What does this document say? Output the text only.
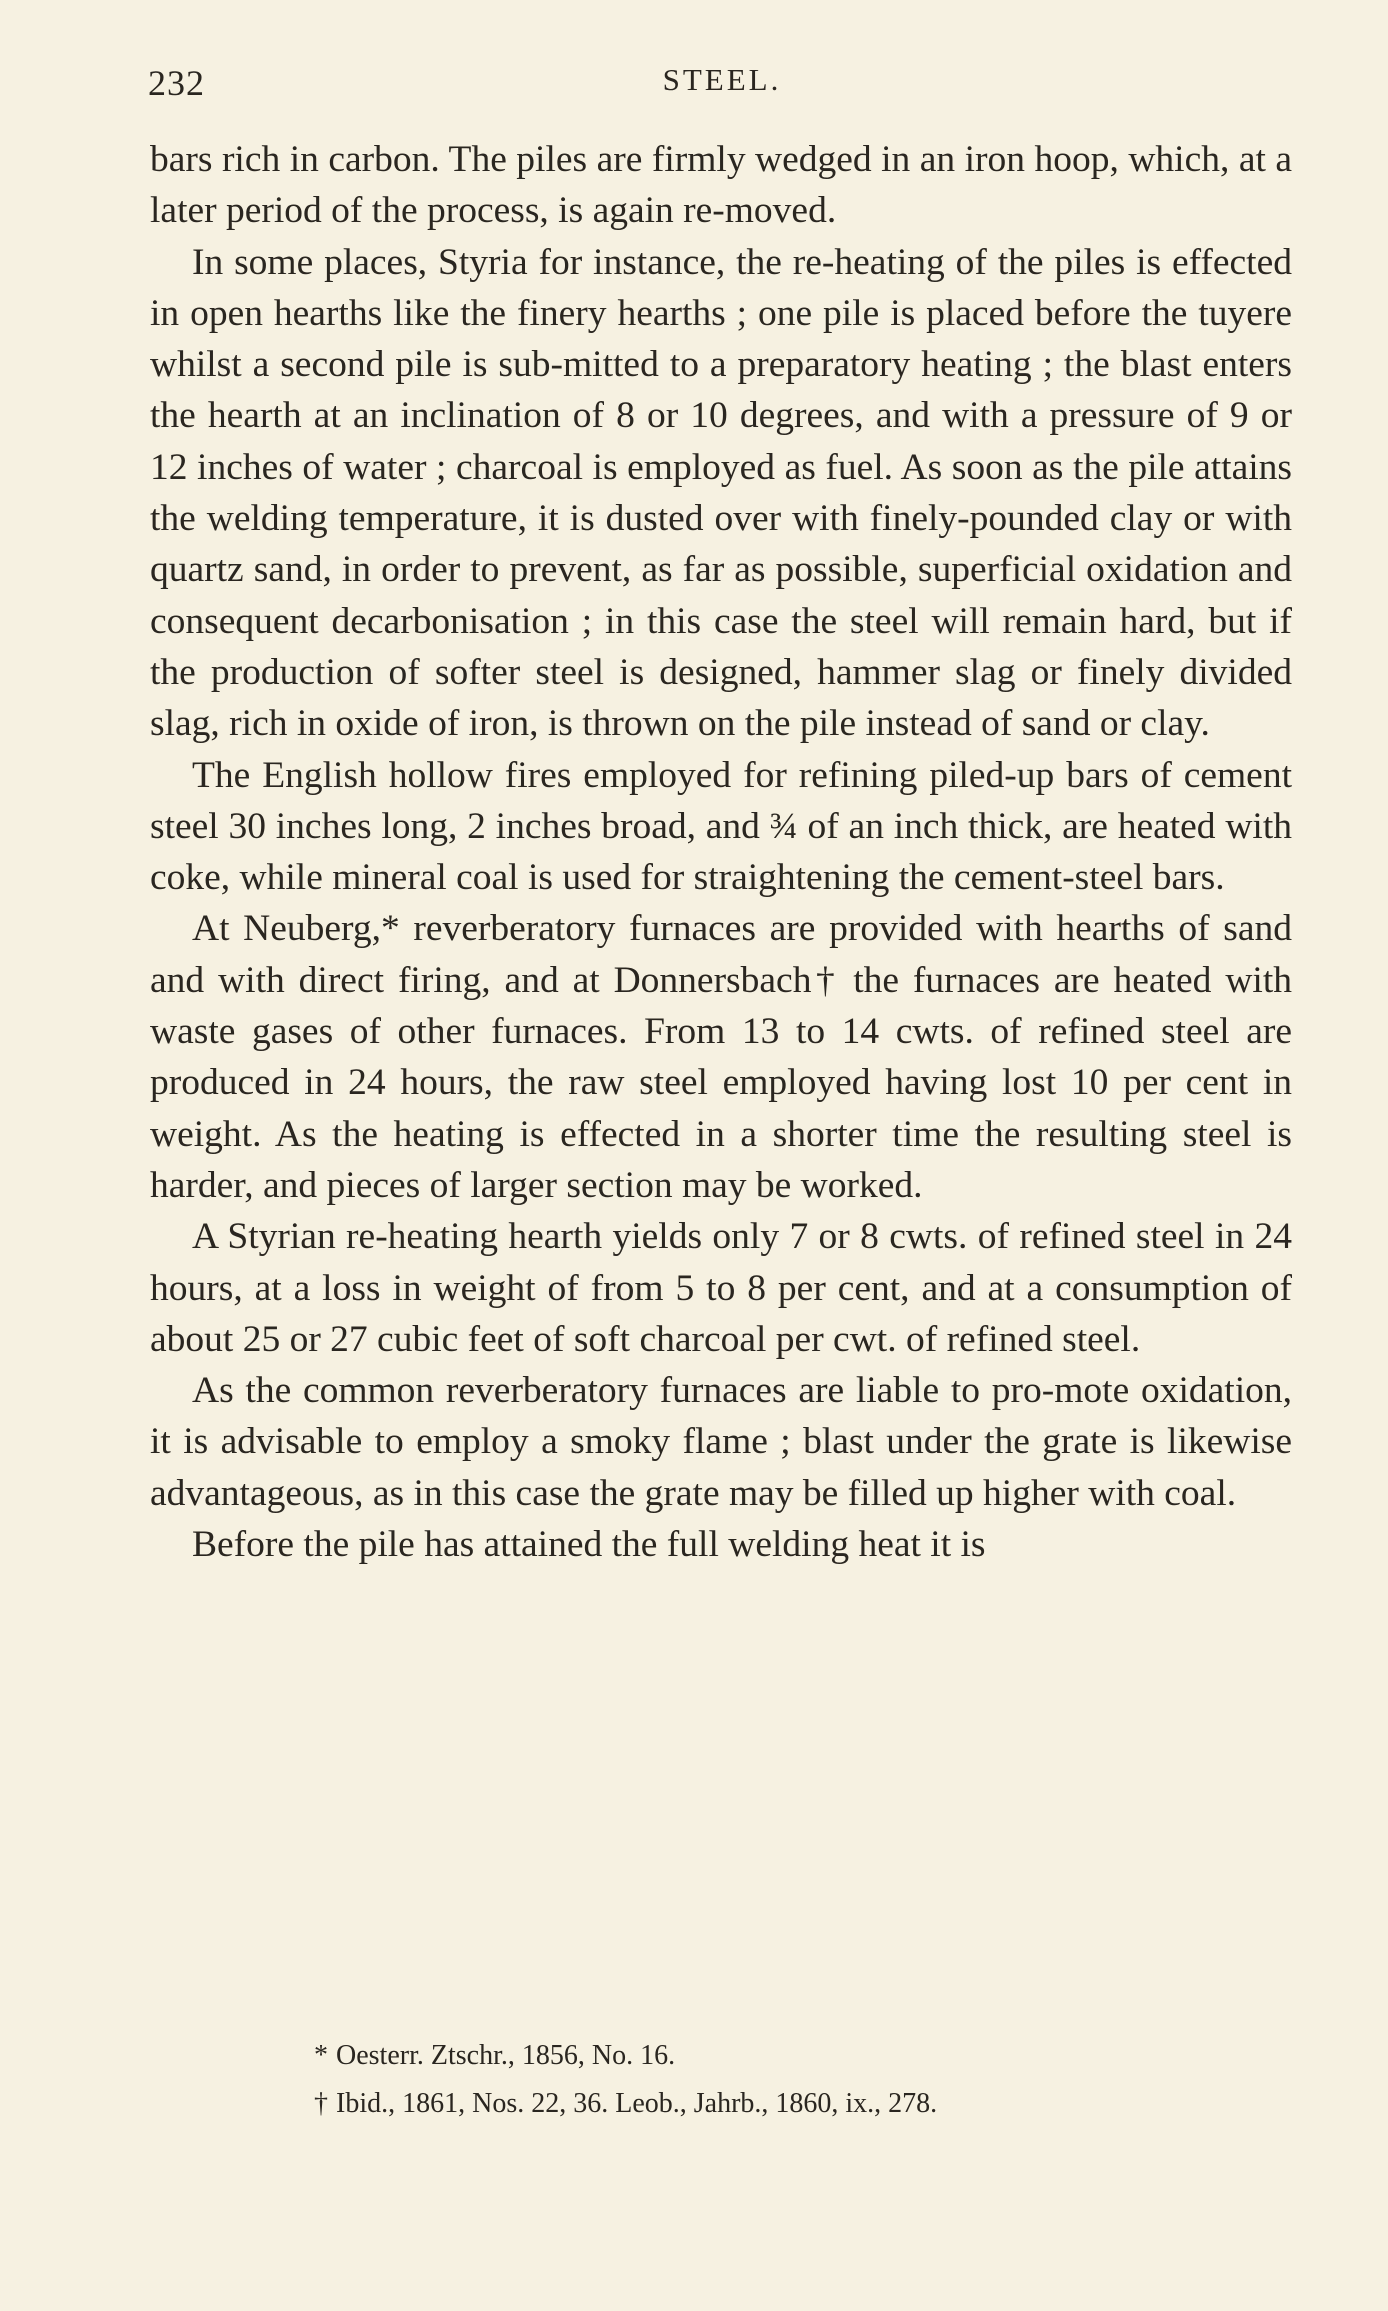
232	STEEL.

bars rich in carbon. The piles are firmly wedged in an iron hoop, which, at a later period of the process, is again re-moved.

In some places, Styria for instance, the re-heating of the piles is effected in open hearths like the finery hearths ; one pile is placed before the tuyere whilst a second pile is sub-mitted to a preparatory heating ; the blast enters the hearth at an inclination of 8 or 10 degrees, and with a pressure of 9 or 12 inches of water ; charcoal is employed as fuel. As soon as the pile attains the welding temperature, it is dusted over with finely-pounded clay or with quartz sand, in order to prevent, as far as possible, superficial oxidation and consequent decarbonisation ; in this case the steel will remain hard, but if the production of softer steel is designed, hammer slag or finely divided slag, rich in oxide of iron, is thrown on the pile instead of sand or clay.

The English hollow fires employed for refining piled-up bars of cement steel 30 inches long, 2 inches broad, and ¾ of an inch thick, are heated with coke, while mineral coal is used for straightening the cement-steel bars.

At Neuberg,* reverberatory furnaces are provided with hearths of sand and with direct firing, and at Donnersbach† the furnaces are heated with waste gases of other furnaces. From 13 to 14 cwts. of refined steel are produced in 24 hours, the raw steel employed having lost 10 per cent in weight. As the heating is effected in a shorter time the resulting steel is harder, and pieces of larger section may be worked.

A Styrian re-heating hearth yields only 7 or 8 cwts. of refined steel in 24 hours, at a loss in weight of from 5 to 8 per cent, and at a consumption of about 25 or 27 cubic feet of soft charcoal per cwt. of refined steel.

As the common reverberatory furnaces are liable to pro-mote oxidation, it is advisable to employ a smoky flame ; blast under the grate is likewise advantageous, as in this case the grate may be filled up higher with coal.

Before the pile has attained the full welding heat it is

* Oesterr. Ztschr., 1856, No. 16.

† Ibid., 1861, Nos. 22, 36. Leob., Jahrb., 1860, ix., 278.
